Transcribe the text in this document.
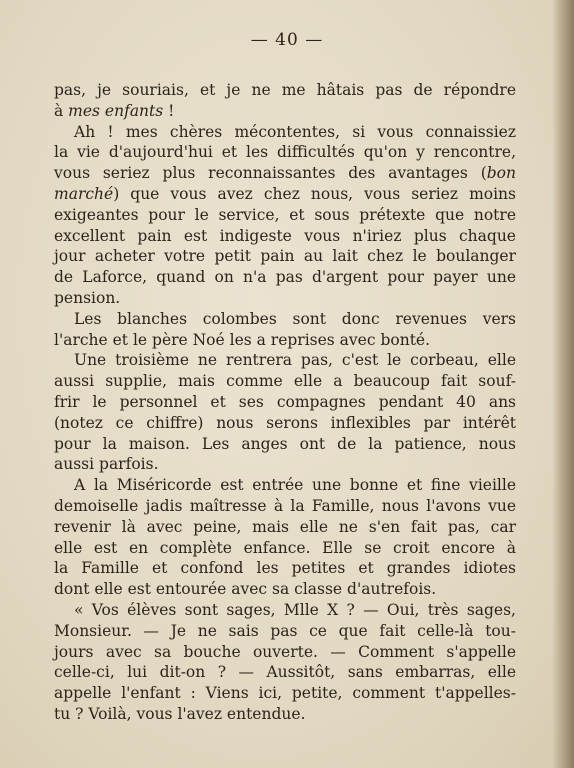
— 40 —
pas, je souriais, et je ne me hâtais pas de répondre
à mes enfants !
Ah ! mes chères mécontentes, si vous connaissiez
la vie d'aujourd'hui et les difficultés qu'on y rencontre,
vous seriez plus reconnaissantes des avantages (bon
marché) que vous avez chez nous, vous seriez moins
exigeantes pour le service, et sous prétexte que notre
excellent pain est indigeste vous n'iriez plus chaque
jour acheter votre petit pain au lait chez le boulanger
de Laforce, quand on n'a pas d'argent pour payer une
pension.
Les blanches colombes sont donc revenues vers
l'arche et le père Noé les a reprises avec bonté.
Une troisième ne rentrera pas, c'est le corbeau, elle
aussi supplie, mais comme elle a beaucoup fait souf-
frir le personnel et ses compagnes pendant 40 ans
(notez ce chiffre) nous serons inflexibles par intérêt
pour la maison. Les anges ont de la patience, nous
aussi parfois.
A la Miséricorde est entrée une bonne et fine vieille
demoiselle jadis maîtresse à la Famille, nous l'avons vue
revenir là avec peine, mais elle ne s'en fait pas, car
elle est en complète enfance. Elle se croit encore à
la Famille et confond les petites et grandes idiotes
dont elle est entourée avec sa classe d'autrefois.
« Vos élèves sont sages, Mlle X ? — Oui, très sages,
Monsieur. — Je ne sais pas ce que fait celle-là tou-
jours avec sa bouche ouverte. — Comment s'appelle
celle-ci, lui dit-on ? — Aussitôt, sans embarras, elle
appelle l'enfant : Viens ici, petite, comment t'appelles-
tu ? Voilà, vous l'avez entendue.
